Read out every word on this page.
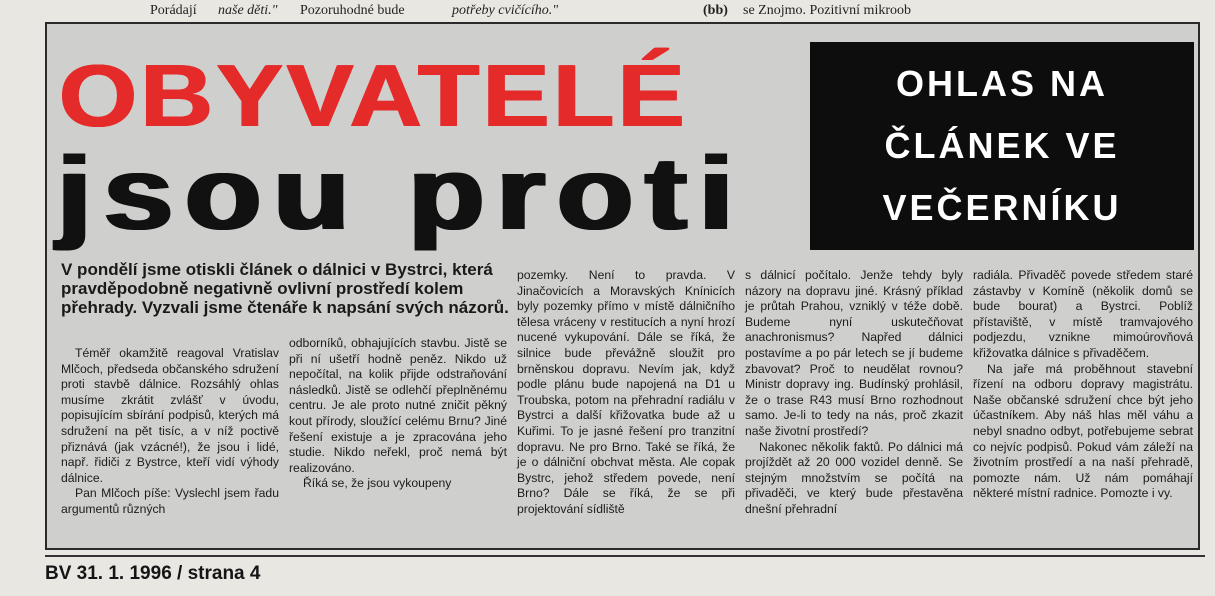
Porádají naše děti." Pozoruhodné bude	potřeby cvičícího."	(bb) se Znojmo. Pozitivní mikroob
OBYVATELÉ
jsou proti
OHLAS NA
ČLÁNEK VE
VEČERNÍKU
V pondělí jsme otiskli článek o dálnici v Bystrci, která pravděpodobně negativně ovlivní prostředí kolem přehrady. Vyzvali jsme čtenáře k napsání svých názorů.

Téměř okamžitě reagoval Vratislav Mlčoch, předseda občanského sdružení proti stavbě dálnice. Rozsáhlý ohlas musíme zkrátit zvlášť v úvodu, popisujícím sbírání podpisů, kterých má sdružení na pět tisíc, a v níž poctivě přiznává (jak vzácné!), že jsou i lidé, např. řidiči z Bystrce, kteří vidí výhody dálnice.

Pan Mlčoch píše: Vyslechl jsem řadu argumentů různých

odborníků, obhajujících stavbu. Jistě se při ní ušetří hodně peněz. Nikdo už nepočítal, na kolik přijde odstraňování následků. Jistě se odlehčí přeplněnému centru. Je ale proto nutné zničit pěkný kout přírody, sloužící celému Brnu? Jiné řešení existuje a je zpracována jeho studie. Nikdo neřekl, proč nemá být realizováno.

Říká se, že jsou vykoupeny

pozemky. Není to pravda. V Jinačovicích a Moravských Knínicích byly pozemky přímo v místě dálničního tělesa vráceny v restitucích a nyní hrozí nucené vykupování. Dále se říká, že silnice bude převážně sloužit pro brněnskou dopravu. Nevím jak, když podle plánu bude napojená na D1 u Troubska, potom na přehradní radiálu v Bystrci a další křižovatka bude až u Kuřimi. To je jasné řešení pro tranzitní dopravu. Ne pro Brno. Také se říká, že je o dálniční obchvat města. Ale copak Bystrc, jehož středem povede, není Brno? Dále se říká, že se při projektování sídliště

s dálnicí počítalo. Jenže tehdy byly názory na dopravu jiné. Krásný příklad je průtah Prahou, vzniklý v téže době. Budeme nyní uskutečňovat anachronismus? Napřed dálnici postavíme a po pár letech se jí budeme zbavovat? Proč to neudělat rovnou? Ministr dopravy ing. Budínský prohlásil, že o trase R43 musí Brno rozhodnout samo. Je-li to tedy na nás, proč zkazit naše životní prostředí?

Nakonec několik faktů. Po dálnici má projíždět až 20 000 vozidel denně. Se stejným množstvím se počítá na přivaděči, ve který bude přestavěna dnešní přehradní

radiála. Přivaděč povede středem staré zástavby v Komíně (několik domů se bude bourat) a Bystrci. Poblíž přístaviště, v místě tramvajového podjezdu, vznikne mimoúrovňová křižovatka dálnice s přivaděčem.

Na jaře má proběhnout stavební řízení na odboru dopravy magistrátu. Naše občanské sdružení chce být jeho účastníkem. Aby náš hlas měl váhu a nebyl snadno odbyt, potřebujeme sebrat co nejvíc podpisů. Pokud vám záleží na životním prostředí a na naší přehradě, pomozte nám. Už nám pomáhají některé místní radnice. Pomozte i vy.

BV 31. 1. 1996 / strana 4
